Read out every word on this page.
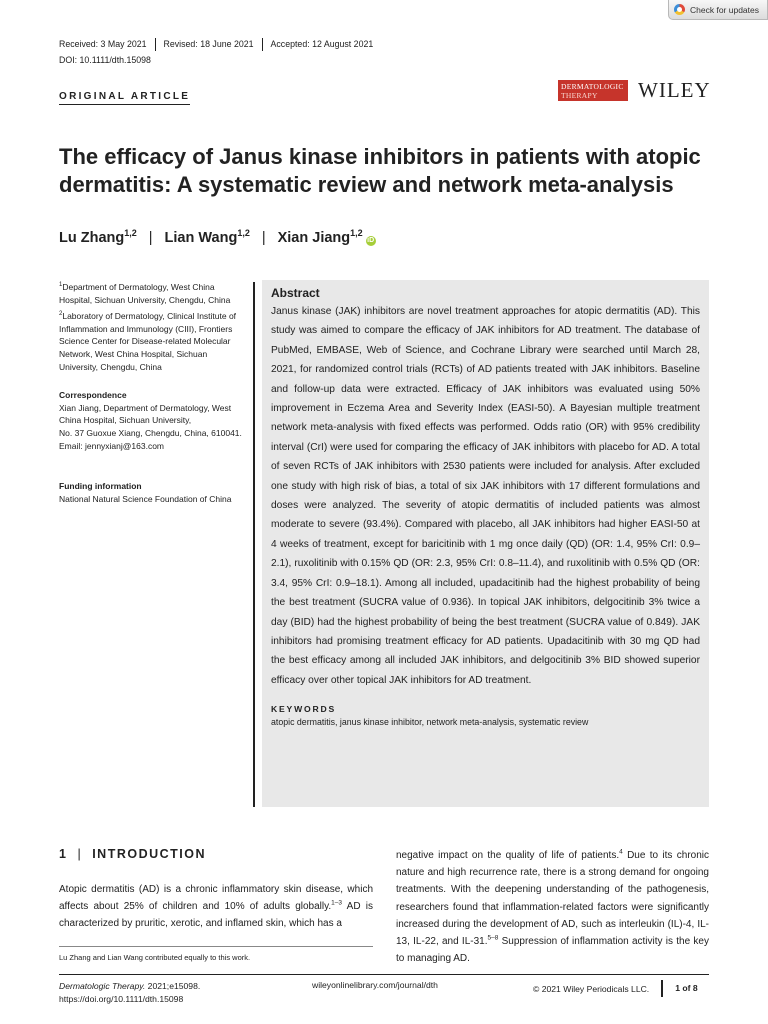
Check for updates
Received: 3 May 2021	Revised: 18 June 2021	Accepted: 12 August 2021
DOI: 10.1111/dth.15098
ORIGINAL ARTICLE
DERMATOLOGIC
THERAPY	WILEY
The efficacy of Janus kinase inhibitors in patients with atopic dermatitis: A systematic review and network meta-analysis
Lu Zhang$^{1,2}$ | Lian Wang$^{1,2}$ | Xian Jiang$^{1,2}$
iD
$^1$Department of Dermatology, West China Hospital, Sichuan University, Chengdu, China
$^2$Laboratory of Dermatology, Clinical Institute of Inflammation and Immunology (CIII), Frontiers Science Center for Disease-related Molecular Network, West China Hospital, Sichuan University, Chengdu, China
Correspondence
Xian Jiang, Department of Dermatology, West China Hospital, Sichuan University,
No. 37 Guoxue Xiang, Chengdu, China, 610041.
Email: jennyxianj@163.com
Funding information
National Natural Science Foundation of China
Abstract
Janus kinase (JAK) inhibitors are novel treatment approaches for atopic dermatitis (AD). This study was aimed to compare the efficacy of JAK inhibitors for AD treatment. The database of PubMed, EMBASE, Web of Science, and Cochrane Library were searched until March 28, 2021, for randomized control trials (RCTs) of AD patients treated with JAK inhibitors. Baseline and follow-up data were extracted. Efficacy of JAK inhibitors was evaluated using 50% improvement in Eczema Area and Severity Index (EASI-50). A Bayesian multiple treatment network meta-analysis with fixed effects was performed. Odds ratio (OR) with 95% credibility interval (CrI) were used for comparing the efficacy of JAK inhibitors with placebo for AD. A total of seven RCTs of JAK inhibitors with 2530 patients were included for analysis. After excluded one study with high risk of bias, a total of six JAK inhibitors with 17 different formulations and doses were analyzed. The severity of atopic dermatitis of included patients was almost moderate to severe (93.4%). Compared with placebo, all JAK inhibitors had higher EASI-50 at 4 weeks of treatment, except for baricitinib with 1 mg once daily (QD) (OR: 1.4, 95% CrI: 0.9–2.1), ruxolitinib with 0.15% QD (OR: 2.3, 95% CrI: 0.8–11.4), and ruxolitinib with 0.5% QD (OR: 3.4, 95% CrI: 0.9–18.1). Among all included, upadacitinib had the highest probability of being the best treatment (SUCRA value of 0.936). In topical JAK inhibitors, delgocitinib 3% twice a day (BID) had the highest probability of being the best treatment (SUCRA value of 0.849). JAK inhibitors had promising treatment efficacy for AD patients. Upadacitinib with 30 mg QD had the best efficacy among all included JAK inhibitors, and delgocitinib 3% BID showed superior efficacy over other topical JAK inhibitors for AD treatment.
KEYWORDS
atopic dermatitis, janus kinase inhibitor, network meta-analysis, systematic review
1 | INTRODUCTION
Atopic dermatitis (AD) is a chronic inflammatory skin disease, which affects about 25% of children and 10% of adults globally.$^{1-3}$ AD is characterized by pruritic, xerotic, and inflamed skin, which has a
negative impact on the quality of life of patients.$^4$ Due to its chronic nature and high recurrence rate, there is a strong demand for ongoing treatments. With the deepening understanding of the pathogenesis, researchers found that inflammation-related factors were significantly increased during the development of AD, such as interleukin (IL)-4, IL-13, IL-22, and IL-31.$^{5-8}$ Suppression of inflammation activity is the key to managing AD.
Lu Zhang and Lian Wang contributed equally to this work.
Dermatologic Therapy. 2021;e15098.
https://doi.org/10.1111/dth.15098
wileyonlinelibrary.com/journal/dth	© 2021 Wiley Periodicals LLC.	1 of 8
